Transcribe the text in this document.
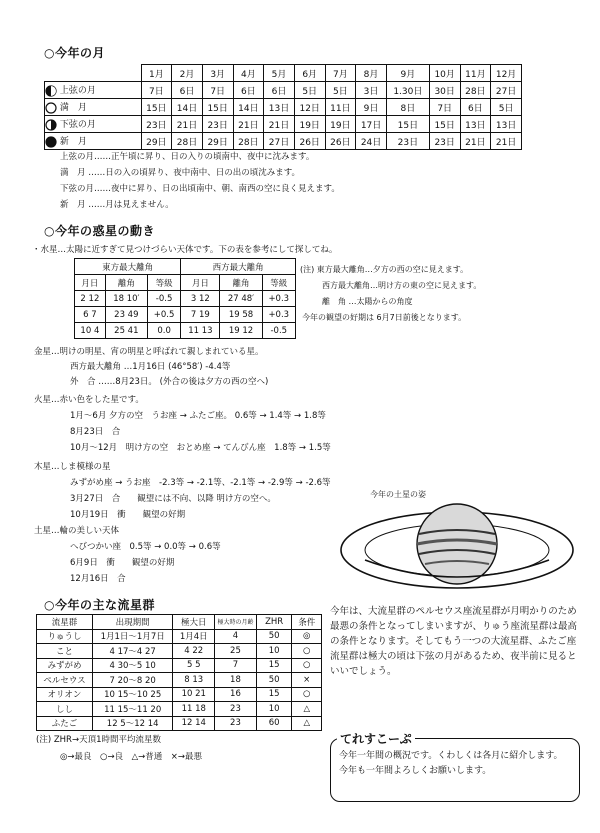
○今年の月
	1月	2月	3月	4月	5月	6月	7月	8月	9月	10月	11月	12月
上弦の月	7日	6日	7日	6日	6日	5日	5日	3日	1.30日	30日	28日	27日
満　月	15日	14日	15日	14日	13日	12日	11日	9日	8日	7日	6日	5日
下弦の月	23日	21日	23日	21日	21日	19日	19日	17日	15日	15日	13日	13日
新　月	29日	28日	29日	28日	27日	26日	26日	24日	23日	23日	21日	21日
上弦の月……正午頃に昇り、日の入りの頃南中、夜中に沈みます。
満　月 ……日の入の頃昇り、夜中南中、日の出の頃沈みます。
下弦の月……夜中に昇り、日の出頃南中、朝、南西の空に良く見えます。
新　月 ……月は見えません。
○今年の惑星の動き
・水星…太陽に近すぎて見つけづらい天体です。下の表を参考にして探してね。
東方最大離角			西方最大離角		
月日	離角	等級	月日	離角	等級
2 12	18 10′	-0.5	3 12	27 48′	+0.3
6 7	23 49	+0.5	7 19	19 58	+0.3
10 4	25 41	0.0	11 13	19 12	-0.5
(注) 東方最大離角…夕方の西の空に見えます。
西方最大離角…明け方の東の空に見えます。
離　角 …太陽からの角度
今年の観望の好期は 6月7日前後となります。
金星…明けの明星、宵の明星と呼ばれて親しまれている星。
西方最大離角 …1月16日 (46°58′) -4.4等
外　合 ……8月23日。 (外合の後は夕方の西の空へ)
火星…赤い色をした星です。
1月～6月 夕方の空　うお座 → ふたご座。 0.6等 → 1.4等 → 1.8等
8月23日　合
10月～12月　明け方の空　おとめ座 → てんびん座　1.8等 → 1.5等
木星…しま模様の星
みずがめ座 → うお座　-2.3等 → -2.1等、-2.1等 → -2.9等 → -2.6等
3月27日　合　　観望には不向、以降 明け方の空へ。
10月19日　衝　　観望の好期
今年の土星の姿
土星…輪の美しい天体
へびつかい座　0.5等 → 0.0等 → 0.6等
6月9日　衝　　観望の好期
12月16日　合
○今年の主な流星群
流星群	出現期間	極大日	極大時の月齢	ZHR	条件
りゅうし	1月1日～1月7日	1月4日	4	50	◎
こと	4 17～4 27	4 22	25	10	○
みずがめ	4 30～5 10	5 5	7	15	○
ペルセウス	7 20～8 20	8 13	18	50	×
オリオン	10 15～10 25	10 21	16	15	○
しし	11 15～11 20	11 18	23	10	△
ふたご	12 5～12 14	12 14	23	60	△
(注) ZHR→天頂1時間平均流星数
◎→最良　○→良　△→普通　×→最悪
今年は、大流星群のペルセウス座流星群が月明かりのため最悪の条件となってしまいますが、りゅう座流星群は最高の条件となります。そしてもう一つの大流星群、ふたご座流星群は極大の頃は下弦の月があるため、夜半前に見るといいでしょう。
てれすこーぷ
今年一年間の概況です。くわしくは各月に紹介します。今年も一年間よろしくお願いします。
